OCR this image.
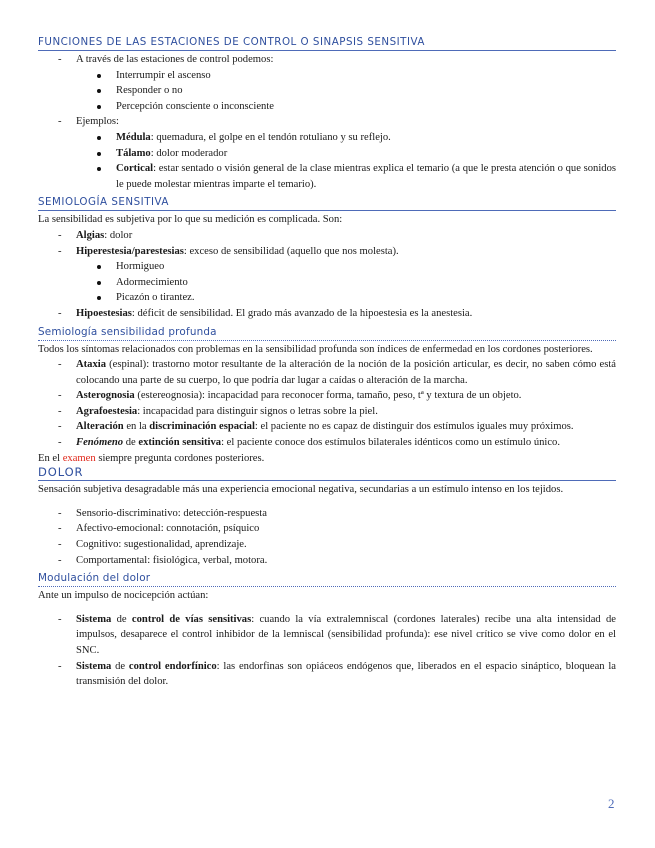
FUNCIONES DE LAS ESTACIONES DE CONTROL O SINAPSIS SENSITIVA
- A través de las estaciones de control podemos:
Interrumpir el ascenso
Responder o no
Percepción consciente o inconsciente
- Ejemplos:
Médula: quemadura, el golpe en el tendón rotuliano y su reflejo.
Tálamo: dolor moderador
Cortical: estar sentado o visión general de la clase mientras explica el temario (a que le presta atención o que sonidos le puede molestar mientras imparte el temario).
SEMIOLOGÍA SENSITIVA

La sensibilidad es subjetiva por lo que su medición es complicada. Son:

- Algias: dolor
- Hiperestesia/parestesias: exceso de sensibilidad (aquello que nos molesta).
Hormigueo
Adormecimiento
Picazón o tirantez.
- Hipoestesias: déficit de sensibilidad. El grado más avanzado de la hipoestesia es la anestesia.
Semiología sensibilidad profunda

Todos los síntomas relacionados con problemas en la sensibilidad profunda son índices de enfermedad en los cordones posteriores.

- Ataxia (espinal): trastorno motor resultante de la alteración de la noción de la posición articular, es decir, no saben cómo está colocando una parte de su cuerpo, lo que podría dar lugar a caídas o alteración de la marcha.
- Asterognosia (estereognosia): incapacidad para reconocer forma, tamaño, peso, tª y textura de un objeto.
- Agrafoestesia: incapacidad para distinguir signos o letras sobre la piel.
- Alteración en la discriminación espacial: el paciente no es capaz de distinguir dos estímulos iguales muy próximos.
- Fenómeno de extinción sensitiva: el paciente conoce dos estímulos bilaterales idénticos como un estímulo único.

En el examen siempre pregunta cordones posteriores.

DOLOR

Sensación subjetiva desagradable más una experiencia emocional negativa, secundarias a un estímulo intenso en los tejidos.

- Sensorio-discriminativo: detección-respuesta
- Afectivo-emocional: connotación, psíquico
- Cognitivo: sugestionalidad, aprendizaje.
- Comportamental: fisiológica, verbal, motora.
Modulación del dolor

Ante un impulso de nocicepción actúan:

- Sistema de control de vías sensitivas: cuando la vía extralemniscal (cordones laterales) recibe una alta intensidad de impulsos, desaparece el control inhibidor de la lemniscal (sensibilidad profunda): ese nivel crítico se vive como dolor en el SNC.
- Sistema de control endorfínico: las endorfinas son opiáceos endógenos que, liberados en el espacio sináptico, bloquean la transmisión del dolor.
2
